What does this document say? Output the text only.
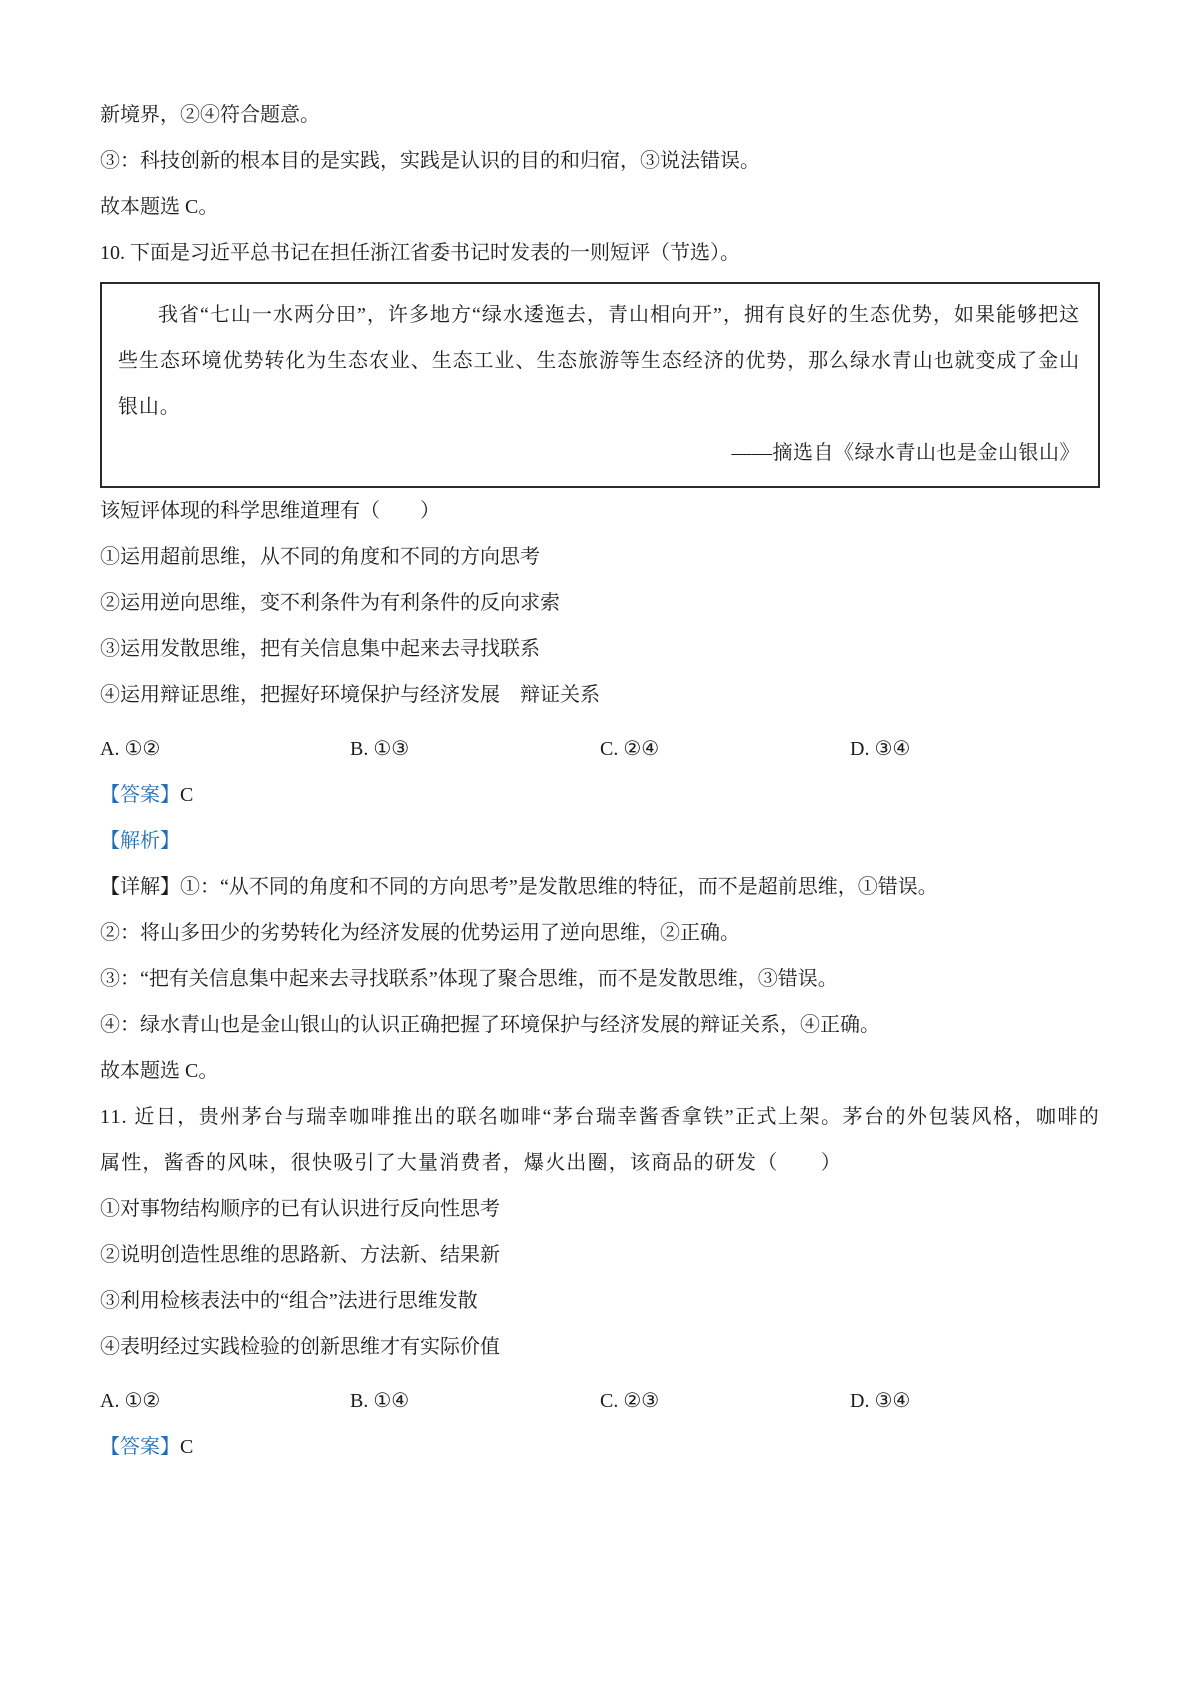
新境界，②④符合题意。

③：科技创新的根本目的是实践，实践是认识的目的和归宿，③说法错误。

故本题选 C。

10. 下面是习近平总书记在担任浙江省委书记时发表的一则短评（节选）。

我省“七山一水两分田”，许多地方“绿水逶迤去，青山相向开”，拥有良好的生态优势，如果能够把这些生态环境优势转化为生态农业、生态工业、生态旅游等生态经济的优势，那么绿水青山也就变成了金山银山。

——摘选自《绿水青山也是金山银山》

该短评体现的科学思维道理有（　　）

①运用超前思维，从不同的角度和不同的方向思考

②运用逆向思维，变不利条件为有利条件的反向求索

③运用发散思维，把有关信息集中起来去寻找联系

④运用辩证思维，把握好环境保护与经济发展　辩证关系

A. ①②	B. ①③	C. ②④	D. ③④

【答案】C

【解析】

【详解】①：“从不同的角度和不同的方向思考”是发散思维的特征，而不是超前思维，①错误。

②：将山多田少的劣势转化为经济发展的优势运用了逆向思维，②正确。

③：“把有关信息集中起来去寻找联系”体现了聚合思维，而不是发散思维，③错误。

④：绿水青山也是金山银山的认识正确把握了环境保护与经济发展的辩证关系，④正确。

故本题选 C。

11. 近日，贵州茅台与瑞幸咖啡推出的联名咖啡“茅台瑞幸酱香拿铁”正式上架。茅台的外包装风格，咖啡的属性，酱香的风味，很快吸引了大量消费者，爆火出圈，该商品的研发（　　）

①对事物结构顺序的已有认识进行反向性思考

②说明创造性思维的思路新、方法新、结果新

③利用检核表法中的“组合”法进行思维发散

④表明经过实践检验的创新思维才有实际价值

A. ①②	B. ①④	C. ②③	D. ③④

【答案】C
